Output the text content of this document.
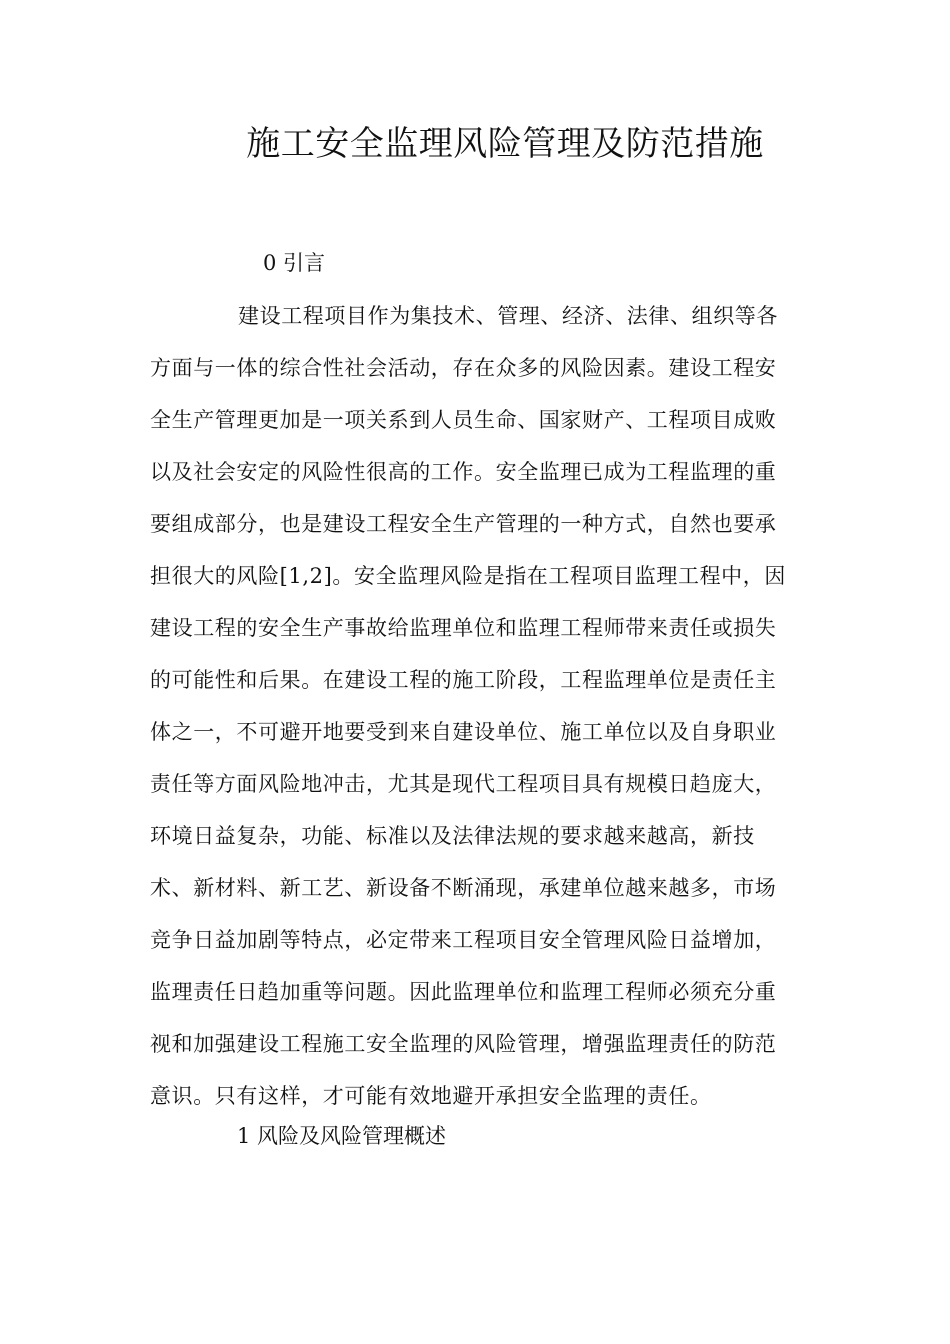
施工安全监理风险管理及防范措施
0 引言

建设工程项目作为集技术、管理、经济、法律、组织等各
方面与一体的综合性社会活动，存在众多的风险因素。建设工程安
全生产管理更加是一项关系到人员生命、国家财产、工程项目成败
以及社会安定的风险性很高的工作。安全监理已成为工程监理的重
要组成部分，也是建设工程安全生产管理的一种方式，自然也要承
担很大的风险[1,2]。安全监理风险是指在工程项目监理工程中，因
建设工程的安全生产事故给监理单位和监理工程师带来责任或损失
的可能性和后果。在建设工程的施工阶段，工程监理单位是责任主
体之一，不可避开地要受到来自建设单位、施工单位以及自身职业
责任等方面风险地冲击，尤其是现代工程项目具有规模日趋庞大，
环境日益复杂，功能、标准以及法律法规的要求越来越高，新技
术、新材料、新工艺、新设备不断涌现，承建单位越来越多，市场
竞争日益加剧等特点，必定带来工程项目安全管理风险日益增加，
监理责任日趋加重等问题。因此监理单位和监理工程师必须充分重
视和加强建设工程施工安全监理的风险管理，增强监理责任的防范
意识。只有这样，才可能有效地避开承担安全监理的责任。

1 风险及风险管理概述
